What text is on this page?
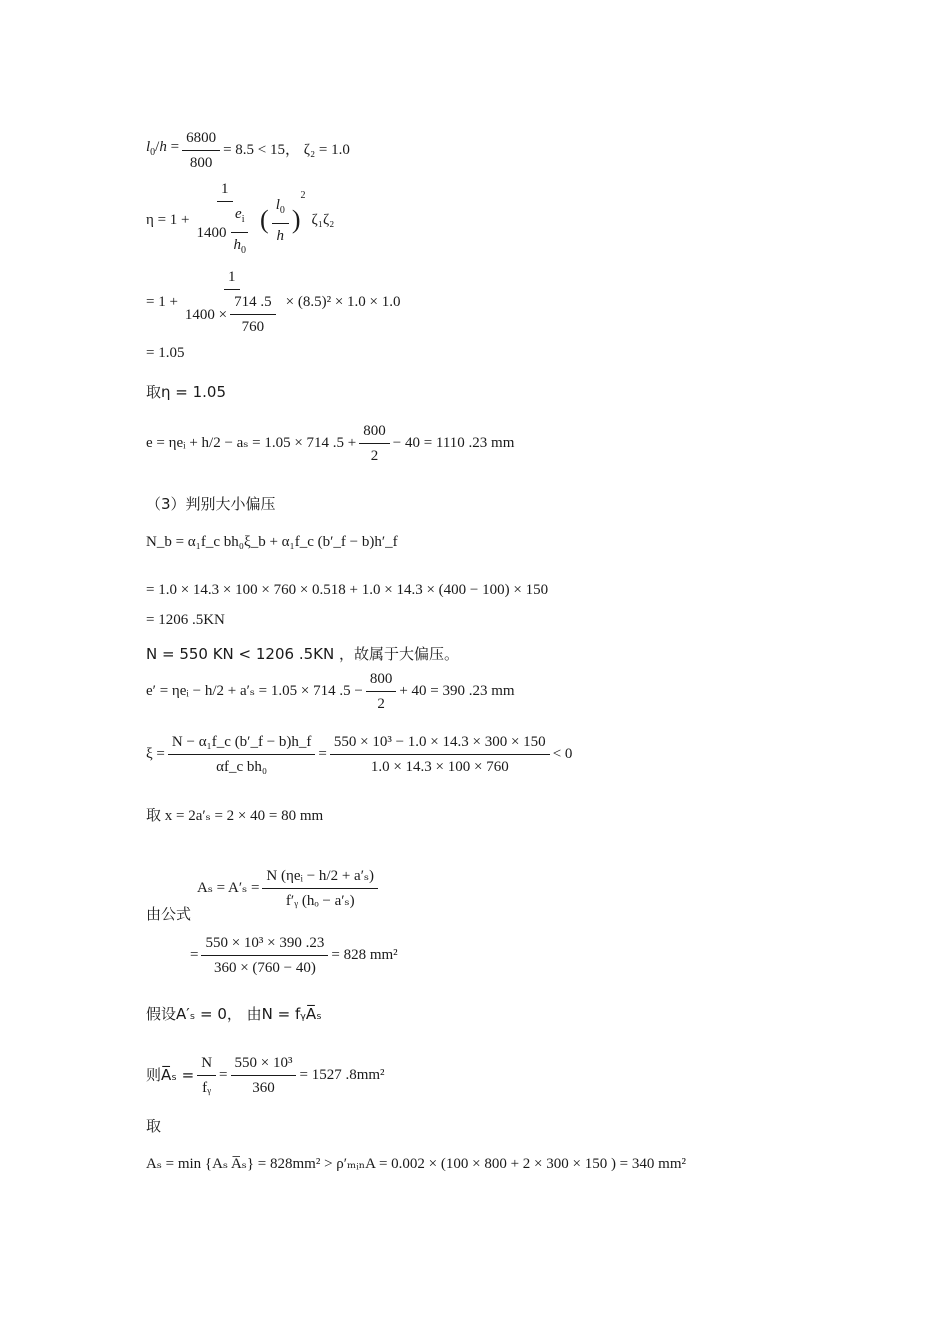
$l_0/h = \frac{6800}{800} = 8.5 < 15$， ζ₂ = 1.0
$\eta = 1 + \frac{1}{1400 \frac{e_i}{h_0}}$ ( $\frac{l_0}{h}$ )
2
ζ₁ζ₂
= $1 + \frac{1}{1400 \times \frac{714 .5}{760}} \times (8.5)^2 \times 1.0 \times 1.0$
= 1.05
取η = 1.05
e = ηeᵢ + h/2 − aₛ = 1.05 × 714 $.5 + \frac{800}{2} - 40 = 1110$ .23 mm
（3）判别大小偏压
N_b = α₁f_c bh₀ξ_b + α₁f_c (b′_f − b)h′_f
= 1.0 × 14.3 × 100 × 760 × 0.518 + 1.0 × 14.3 × (400 − 100) × 150
= 1206 .5KN
N = 550 KN < 1206 .5KN ，故属于大偏压。
e′ = ηeᵢ − h/2 + a′ₛ = 1.05 × 714 $.5 - \frac{800}{2} + 40 = 390$ .23 mm
$\xi = \frac{\text{N − α₁f\_c (b′\_f − b)h\_f}}{\text{αf\_c bh₀}} = \frac{\text{550 × 10³ − 1.0 × 14.3 × 300 × 150}}{1.0 \times 14.3 \times 100 \times 760} < 0$
取 x = 2a′ₛ = 2 × 40 = 80 mm
由公式
$A_s = A'_s = \frac{\text{N (ηeᵢ − h/2 + a′ₛ)}}{\text{f′ᵧ (hₒ − a′ₛ)}}$
= $\frac{\text{550 × 10³ × 390 .23}}{360 \times (760 - 40)} = 828$ mm²
假设A′ₛ = 0， 由N = fᵧA̅ₛ
则A̅ₛ = $\frac{N}{\text{fᵧ}} = \frac{\text{550 × 10³}}{360} = 1527$ .8mm²
取
Aₛ = min {Aₛ A̅ₛ} = 828mm² > ρ′ₘᵢₙA = 0.002 × (100 × 800 + 2 × 300 × 150 ) = 340 mm²
